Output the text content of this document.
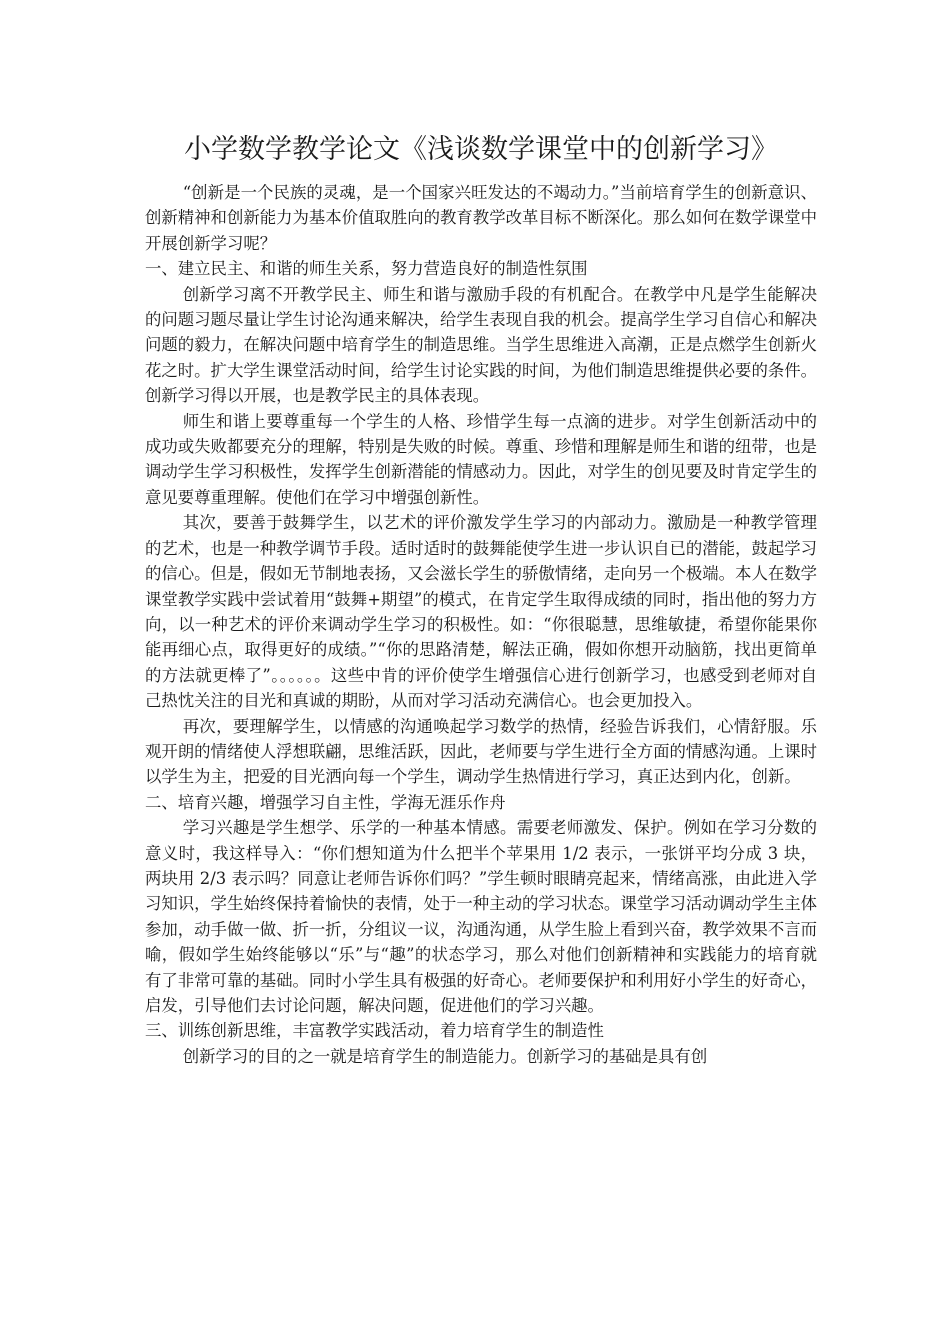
小学数学教学论文《浅谈数学课堂中的创新学习》

“创新是一个民族的灵魂，是一个国家兴旺发达的不竭动力。”当前培育学生的创新意识、创新精神和创新能力为基本价值取胜向的教育教学改革目标不断深化。那么如何在数学课堂中开展创新学习呢？

一、建立民主、和谐的师生关系，努力营造良好的制造性氛围

创新学习离不开教学民主、师生和谐与激励手段的有机配合。在教学中凡是学生能解决的问题习题尽量让学生讨论沟通来解决，给学生表现自我的机会。提高学生学习自信心和解决问题的毅力，在解决问题中培育学生的制造思维。当学生思维进入高潮，正是点燃学生创新火花之时。扩大学生课堂活动时间，给学生讨论实践的时间，为他们制造思维提供必要的条件。创新学习得以开展，也是教学民主的具体表现。

师生和谐上要尊重每一个学生的人格、珍惜学生每一点滴的进步。对学生创新活动中的成功或失败都要充分的理解，特别是失败的时候。尊重、珍惜和理解是师生和谐的纽带，也是调动学生学习积极性，发挥学生创新潜能的情感动力。因此，对学生的创见要及时肯定学生的意见要尊重理解。使他们在学习中增强创新性。

其次，要善于鼓舞学生，以艺术的评价激发学生学习的内部动力。激励是一种教学管理的艺术，也是一种教学调节手段。适时适时的鼓舞能使学生进一步认识自已的潜能，鼓起学习的信心。但是，假如无节制地表扬，又会滋长学生的骄傲情绪，走向另一个极端。本人在数学课堂教学实践中尝试着用“鼓舞+期望”的模式，在肯定学生取得成绩的同时，指出他的努力方向，以一种艺术的评价来调动学生学习的积极性。如：“你很聪慧，思维敏捷，希望你能果你能再细心点，取得更好的成绩。”“你的思路清楚，解法正确，假如你想开动脑筋，找出更简单的方法就更棒了”。。。。。。这些中肯的评价使学生增强信心进行创新学习，也感受到老师对自己热忱关注的目光和真诚的期盼，从而对学习活动充满信心。也会更加投入。

再次，要理解学生，以情感的沟通唤起学习数学的热情，经验告诉我们，心情舒服。乐观开朗的情绪使人浮想联翩，思维活跃，因此，老师要与学生进行全方面的情感沟通。上课时以学生为主，把爱的目光洒向每一个学生，调动学生热情进行学习，真正达到内化，创新。

二、培育兴趣，增强学习自主性，学海无涯乐作舟

学习兴趣是学生想学、乐学的一种基本情感。需要老师激发、保护。例如在学习分数的意义时，我这样导入：“你们想知道为什么把半个苹果用 1/2 表示，一张饼平均分成 3 块，两块用 2/3 表示吗？同意让老师告诉你们吗？”学生顿时眼睛亮起来，情绪高涨，由此进入学习知识，学生始终保持着愉快的表情，处于一种主动的学习状态。课堂学习活动调动学生主体参加，动手做一做、折一折，分组议一议，沟通沟通，从学生脸上看到兴奋，教学效果不言而喻，假如学生始终能够以“乐”与“趣”的状态学习，那么对他们创新精神和实践能力的培育就有了非常可靠的基础。同时小学生具有极强的好奇心。老师要保护和利用好小学生的好奇心，启发，引导他们去讨论问题，解决问题，促进他们的学习兴趣。

三、训练创新思维，丰富教学实践活动，着力培育学生的制造性

创新学习的目的之一就是培育学生的制造能力。创新学习的基础是具有创
